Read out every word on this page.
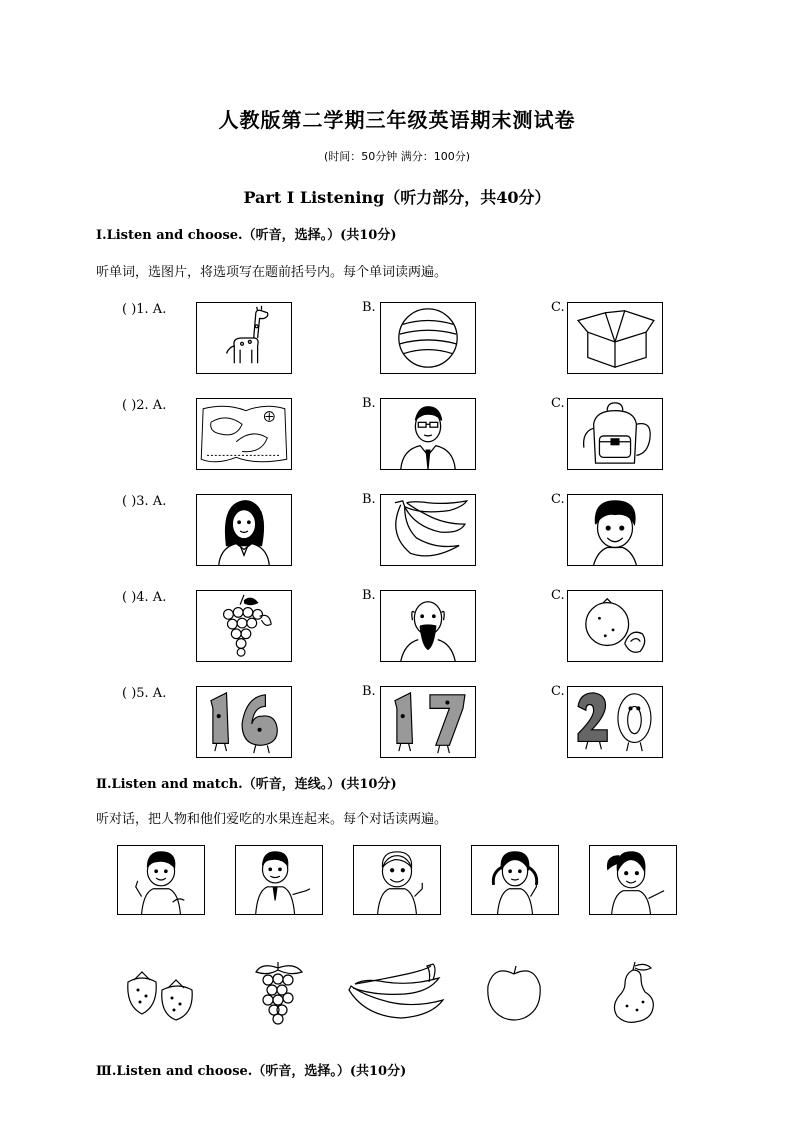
人教版第二学期三年级英语期末测试卷
(时间：50分钟 满分：100分)
Part Ⅰ Listening（听力部分，共40分）
Ⅰ.Listen and choose.（听音，选择。）(共10分)
听单词，选图片，将选项写在题前括号内。每个单词读两遍。
( )1. A.	B.	C.
( )2. A.	B.	C.
( )3. A.	B.	C.
( )4. A.	B.	C.
( )5. A.	B.	C.
Ⅱ.Listen and match.（听音，连线。）(共10分)
听对话，把人物和他们爱吃的水果连起来。每个对话读两遍。
Ⅲ.Listen and choose.（听音，选择。）(共10分)
